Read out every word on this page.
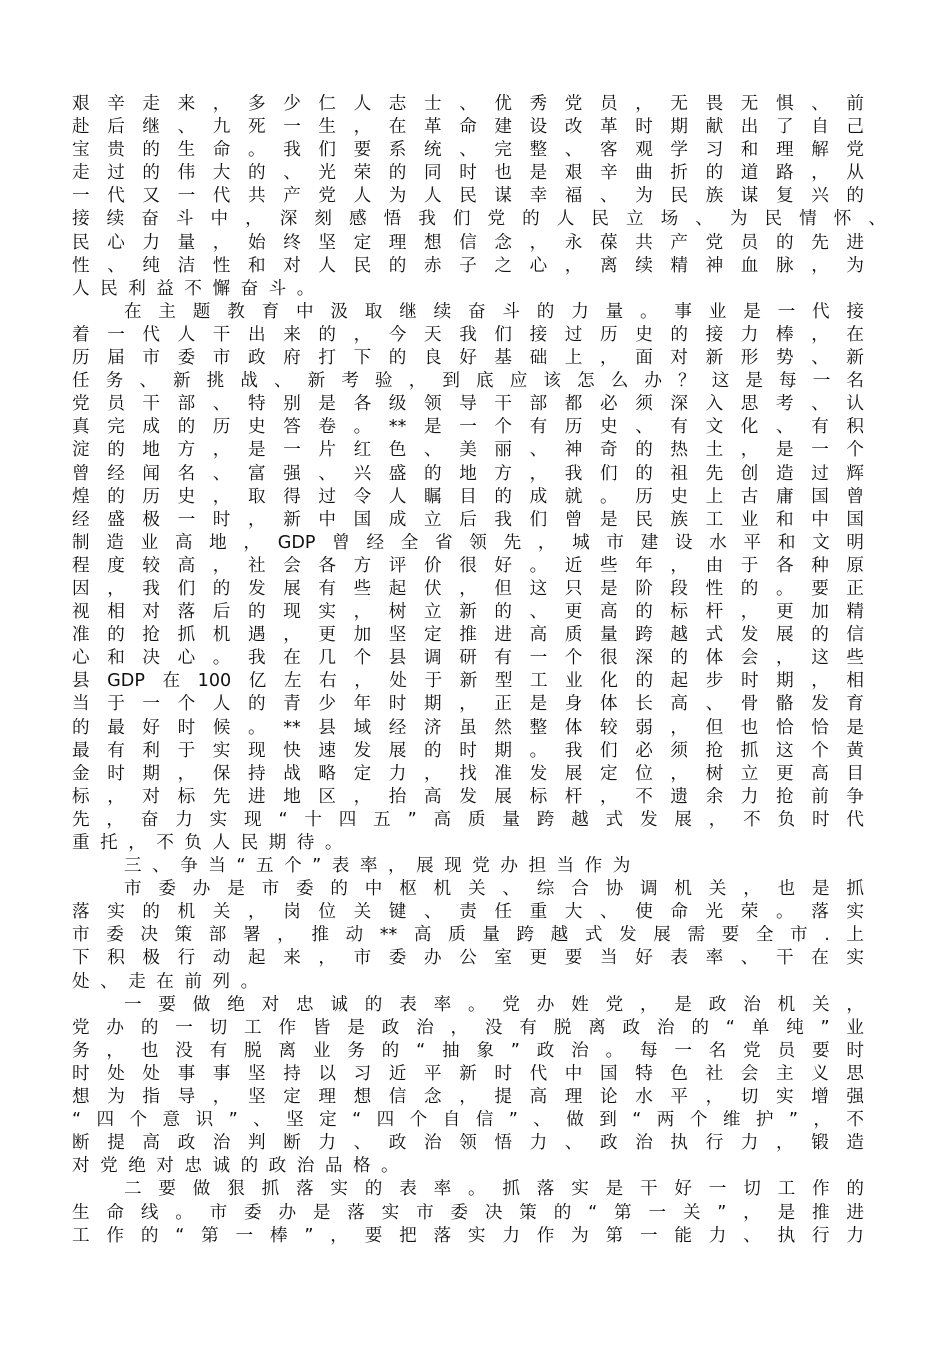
艰辛走来，多少仁人志士、优秀党员，无畏无惧、前
赴后继、九死一生，在革命建设改革时期献出了自己
宝贵的生命。我们要系统、完整、客观学习和理解党
走过的伟大的、光荣的同时也是艰辛曲折的道路，从
一代又一代共产党人为人民谋幸福、为民族谋复兴的
接续奋斗中，深刻感悟我们党的人民立场、为民情怀、
民心力量，始终坚定理想信念，永葆共产党员的先进
性、纯洁性和对人民的赤子之心，离续精神血脉，为
人民利益不懈奋斗。
在主题教育中汲取继续奋斗的力量。事业是一代接
着一代人干出来的，今天我们接过历史的接力棒，在
历届市委市政府打下的良好基础上，面对新形势、新
任务、新挑战、新考验，到底应该怎么办？这是每一名
党员干部、特别是各级领导干部都必须深入思考、认
真完成的历史答卷。**是一个有历史、有文化、有积
淀的地方，是一片红色、美丽、神奇的热土，是一个
曾经闻名、富强、兴盛的地方，我们的祖先创造过辉
煌的历史，取得过令人瞩目的成就。历史上古庸国曾
经盛极一时，新中国成立后我们曾是民族工业和中国
制造业高地，GDP曾经全省领先，城市建设水平和文明
程度较高，社会各方评价很好。近些年，由于各种原
因，我们的发展有些起伏，但这只是阶段性的。要正
视相对落后的现实，树立新的、更高的标杆，更加精
准的抢抓机遇，更加坚定推进高质量跨越式发展的信
心和决心。我在几个县调研有一个很深的体会，这些
县GDP在100亿左右，处于新型工业化的起步时期，相
当于一个人的青少年时期，正是身体长高、骨骼发育
的最好时候。**县域经济虽然整体较弱，但也恰恰是
最有利于实现快速发展的时期。我们必须抢抓这个黄
金时期，保持战略定力，找准发展定位，树立更高目
标，对标先进地区，抬高发展标杆，不遗余力抢前争
先，奋力实现“十四五”高质量跨越式发展，不负时代
重托，不负人民期待。
三、争当“五个”表率，展现党办担当作为
市委办是市委的中枢机关、综合协调机关，也是抓
落实的机关，岗位关键、责任重大、使命光荣。落实
市委决策部署，推动**高质量跨越式发展需要全市.上
下积极行动起来，市委办公室更要当好表率、干在实
处、走在前列。
一要做绝对忠诚的表率。党办姓党，是政治机关，
党办的一切工作皆是政治，没有脱离政治的“单纯”业
务，也没有脱离业务的“抽象”政治。每一名党员要时
时处处事事坚持以习近平新时代中国特色社会主义思
想为指导，坚定理想信念，提高理论水平，切实增强
“四个意识”、坚定“四个自信”、做到“两个维护”，不
断提高政治判断力、政治领悟力、政治执行力，锻造
对党绝对忠诚的政治品格。
二要做狠抓落实的表率。抓落实是干好一切工作的
生命线。市委办是落实市委决策的“第一关”，是推进
工作的“第一棒”，要把落实力作为第一能力、执行力
